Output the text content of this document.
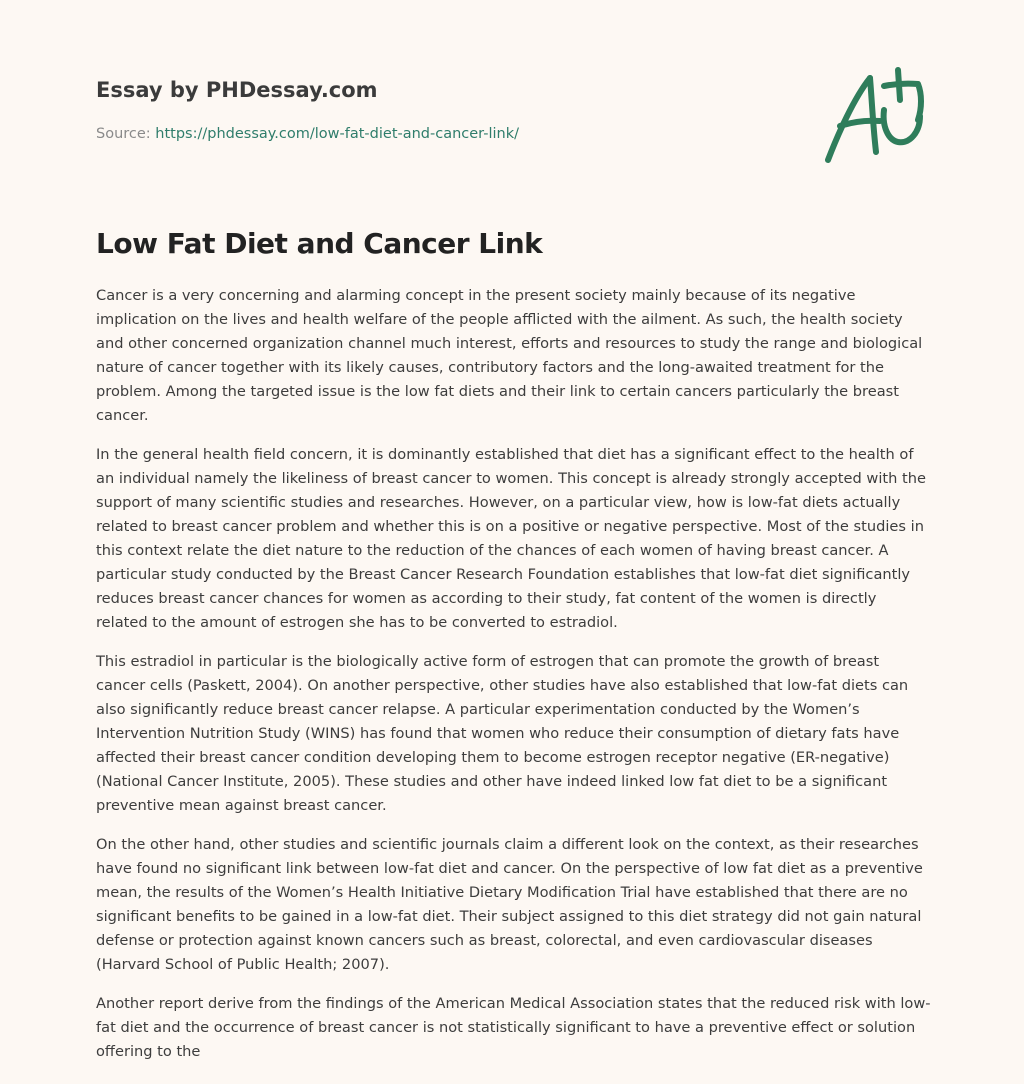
Essay by PHDessay.com

Source: https://phdessay.com/low-fat-diet-and-cancer-link/
Low Fat Diet and Cancer Link

Cancer is a very concerning and alarming concept in the present society mainly because of its negative implication on the lives and health welfare of the people afflicted with the ailment. As such, the health society and other concerned organization channel much interest, efforts and resources to study the range and biological nature of cancer together with its likely causes, contributory factors and the long-awaited treatment for the problem. Among the targeted issue is the low fat diets and their link to certain cancers particularly the breast cancer.

In the general health field concern, it is dominantly established that diet has a significant effect to the health of an individual namely the likeliness of breast cancer to women. This concept is already strongly accepted with the support of many scientific studies and researches. However, on a particular view, how is low-fat diets actually related to breast cancer problem and whether this is on a positive or negative perspective. Most of the studies in this context relate the diet nature to the reduction of the chances of each women of having breast cancer. A particular study conducted by the Breast Cancer Research Foundation establishes that low-fat diet significantly reduces breast cancer chances for women as according to their study, fat content of the women is directly related to the amount of estrogen she has to be converted to estradiol.

This estradiol in particular is the biologically active form of estrogen that can promote the growth of breast cancer cells (Paskett, 2004). On another perspective, other studies have also established that low-fat diets can also significantly reduce breast cancer relapse. A particular experimentation conducted by the Women’s Intervention Nutrition Study (WINS) has found that women who reduce their consumption of dietary fats have affected their breast cancer condition developing them to become estrogen receptor negative (ER-negative) (National Cancer Institute, 2005). These studies and other have indeed linked low fat diet to be a significant preventive mean against breast cancer.

On the other hand, other studies and scientific journals claim a different look on the context, as their researches have found no significant link between low-fat diet and cancer. On the perspective of low fat diet as a preventive mean, the results of the Women’s Health Initiative Dietary Modification Trial have established that there are no significant benefits to be gained in a low-fat diet. Their subject assigned to this diet strategy did not gain natural defense or protection against known cancers such as breast, colorectal, and even cardiovascular diseases (Harvard School of Public Health; 2007).

Another report derive from the findings of the American Medical Association states that the reduced risk with low-fat diet and the occurrence of breast cancer is not statistically significant to have a preventive effect or solution offering to the
